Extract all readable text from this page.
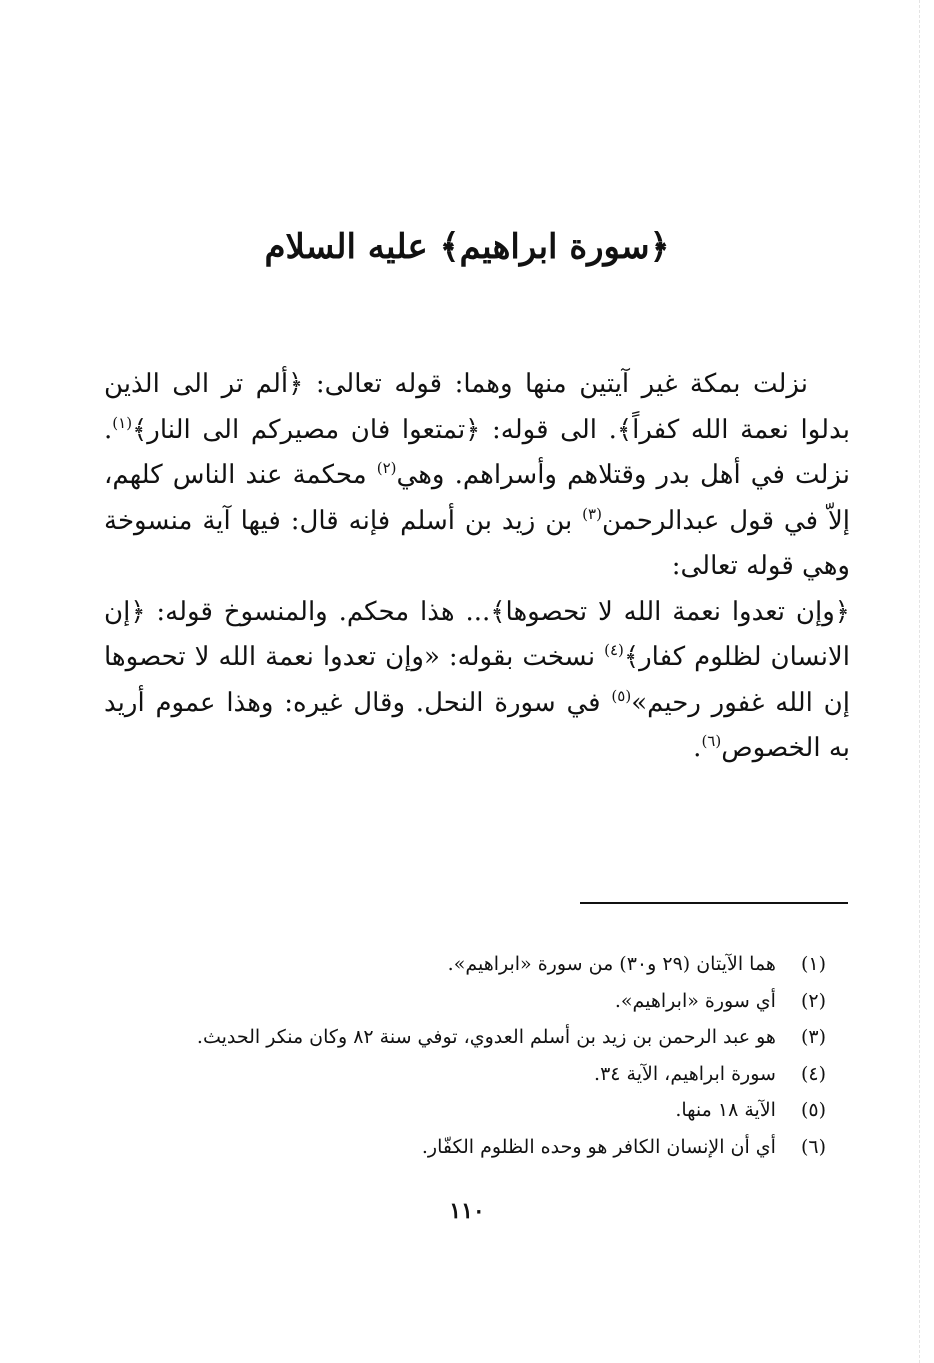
﴿سورة ابراهيم﴾ عليه السلام

نزلت بمكة غير آيتين منها وهما: قوله تعالى: ﴿ألم تر الى الذين بدلوا نعمة الله كفراً﴾. الى قوله: ﴿تمتعوا فان مصيركم الى النار﴾$^{(١)}$. نزلت في أهل بدر وقتلاهم وأسراهم. وهي$^{(٢)}$ محكمة عند الناس كلهم، إلاّ في قول عبدالرحمن$^{(٣)}$ بن زيد بن أسلم فإنه قال: فيها آية منسوخة وهي قوله تعالى:

﴿وإن تعدوا نعمة الله لا تحصوها﴾... هذا محكم. والمنسوخ قوله: ﴿إن الانسان لظلوم كفار﴾$^{(٤)}$ نسخت بقوله: «وإن تعدوا نعمة الله لا تحصوها إن الله غفور رحيم»$^{(٥)}$ في سورة النحل. وقال غيره: وهذا عموم أريد به الخصوص$^{(٦)}$.

(١) هما الآيتان (٢٩ و٣٠) من سورة «ابراهيم».
(٢) أي سورة «ابراهيم».
(٣) هو عبد الرحمن بن زيد بن أسلم العدوي، توفي سنة ٨٢ وكان منكر الحديث.
(٤) سورة ابراهيم، الآية ٣٤.
(٥) الآية ١٨ منها.
(٦) أي أن الإنسان الكافر هو وحده الظلوم الكفّار.
١١٠
